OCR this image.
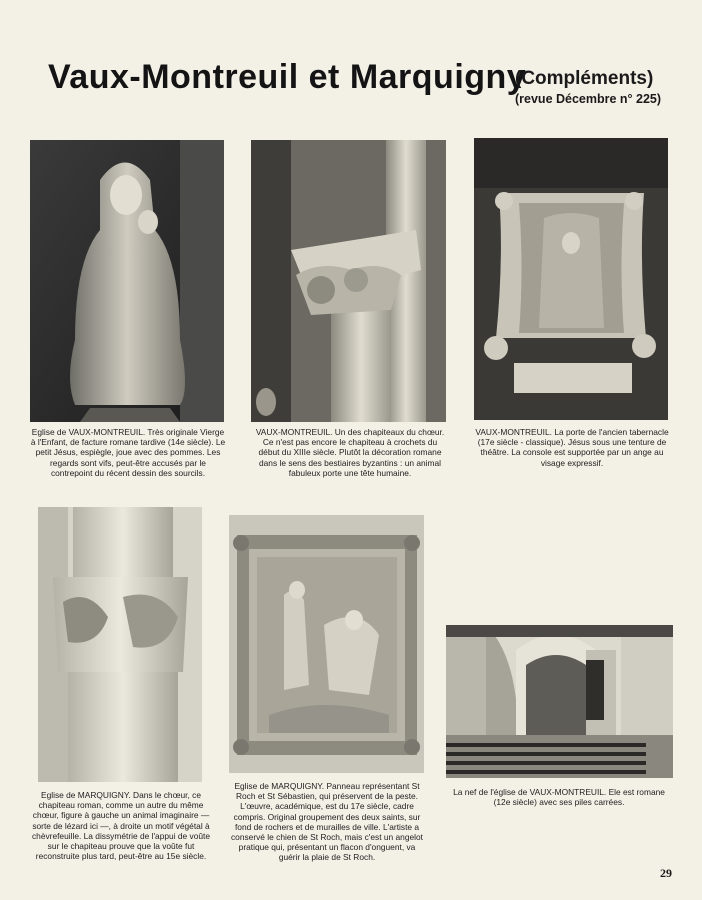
Vaux-Montreuil et Marquigny
(Compléments)
(revue Décembre n° 225)
Eglise de VAUX-MONTREUIL. Très originale Vierge à l'Enfant, de facture romane tardive (14e siècle). Le petit Jésus, espiègle, joue avec des pommes. Les regards sont vifs, peut-être accusés par le contrepoint du récent dessin des sourcils.
VAUX-MONTREUIL. Un des chapiteaux du chœur. Ce n'est pas encore le chapiteau à crochets du début du XIIIe siècle. Plutôt la décoration romane dans le sens des bestiaires byzantins : un animal fabuleux porte une tête humaine.
VAUX-MONTREUIL. La porte de l'ancien tabernacle (17e siècle - classique). Jésus sous une tenture de théâtre. La console est supportée par un ange au visage expressif.
Eglise de MARQUIGNY. Dans le chœur, ce chapiteau roman, comme un autre du même chœur, figure à gauche un animal imaginaire — sorte de lézard ici —, à droite un motif végétal à chèvrefeuille. La dissymétrie de l'appui de voûte sur le chapiteau prouve que la voûte fut reconstruite plus tard, peut-être au 15e siècle.
Eglise de MARQUIGNY. Panneau représentant St Roch et St Sébastien, qui préservent de la peste. L'œuvre, académique, est du 17e siècle, cadre compris. Original groupement des deux saints, sur fond de rochers et de murailles de ville. L'artiste a conservé le chien de St Roch, mais c'est un angelot pratique qui, présentant un flacon d'onguent, va guérir la plaie de St Roch.
La nef de l'église de VAUX-MONTREUIL. Ele est romane (12e siècle) avec ses piles carrées.
29
